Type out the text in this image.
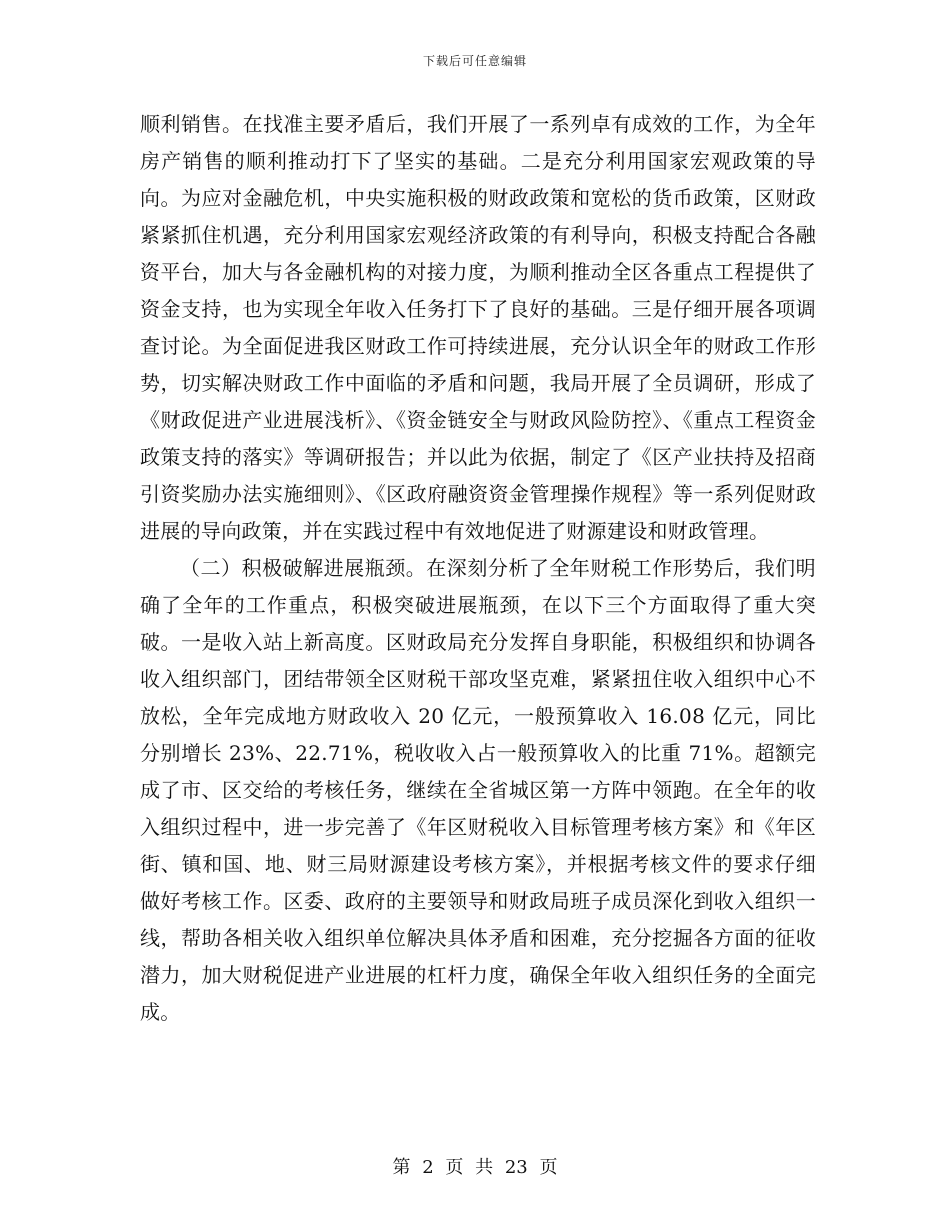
下载后可任意编辑

顺利销售。在找准主要矛盾后，我们开展了一系列卓有成效的工作，为全年房产销售的顺利推动打下了坚实的基础。二是充分利用国家宏观政策的导向。为应对金融危机，中央实施积极的财政政策和宽松的货币政策，区财政紧紧抓住机遇，充分利用国家宏观经济政策的有利导向，积极支持配合各融资平台，加大与各金融机构的对接力度，为顺利推动全区各重点工程提供了资金支持，也为实现全年收入任务打下了良好的基础。三是仔细开展各项调查讨论。为全面促进我区财政工作可持续进展，充分认识全年的财政工作形势，切实解决财政工作中面临的矛盾和问题，我局开展了全员调研，形成了《财政促进产业进展浅析》、《资金链安全与财政风险防控》、《重点工程资金政策支持的落实》等调研报告；并以此为依据，制定了《区产业扶持及招商引资奖励办法实施细则》、《区政府融资资金管理操作规程》等一系列促财政进展的导向政策，并在实践过程中有效地促进了财源建设和财政管理。

（二）积极破解进展瓶颈。在深刻分析了全年财税工作形势后，我们明确了全年的工作重点，积极突破进展瓶颈，在以下三个方面取得了重大突破。一是收入站上新高度。区财政局充分发挥自身职能，积极组织和协调各收入组织部门，团结带领全区财税干部攻坚克难，紧紧扭住收入组织中心不放松，全年完成地方财政收入 20 亿元，一般预算收入 16.08 亿元，同比分别增长 23%、22.71%，税收收入占一般预算收入的比重 71%。超额完成了市、区交给的考核任务，继续在全省城区第一方阵中领跑。在全年的收入组织过程中，进一步完善了《年区财税收入目标管理考核方案》和《年区街、镇和国、地、财三局财源建设考核方案》，并根据考核文件的要求仔细做好考核工作。区委、政府的主要领导和财政局班子成员深化到收入组织一线，帮助各相关收入组织单位解决具体矛盾和困难，充分挖掘各方面的征收潜力，加大财税促进产业进展的杠杆力度，确保全年收入组织任务的全面完成。

第 2 页 共 23 页
